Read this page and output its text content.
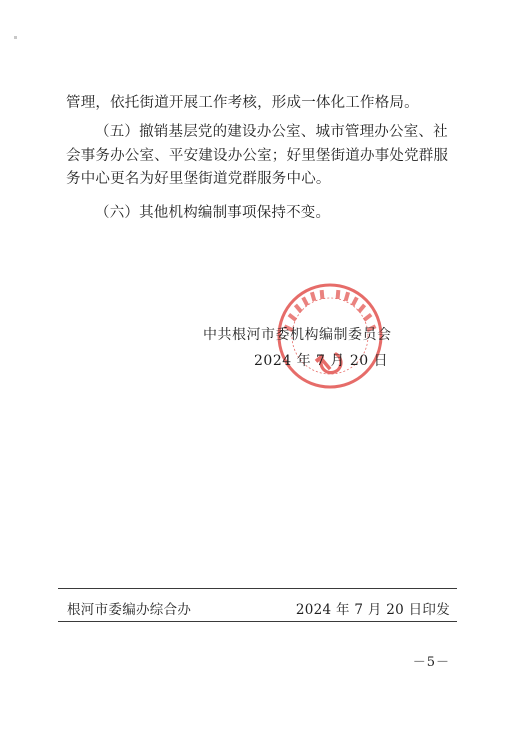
管理，依托街道开展工作考核，形成一体化工作格局。

（五）撤销基层党的建设办公室、城市管理办公室、社会事务办公室、平安建设办公室；好里堡街道办事处党群服务中心更名为好里堡街道党群服务中心。

（六）其他机构编制事项保持不变。

中共根河市委机构编制委员会
2024 年 7 月 20 日
根河市委编办综合办	2024 年 7 月 20 日印发
－5－
